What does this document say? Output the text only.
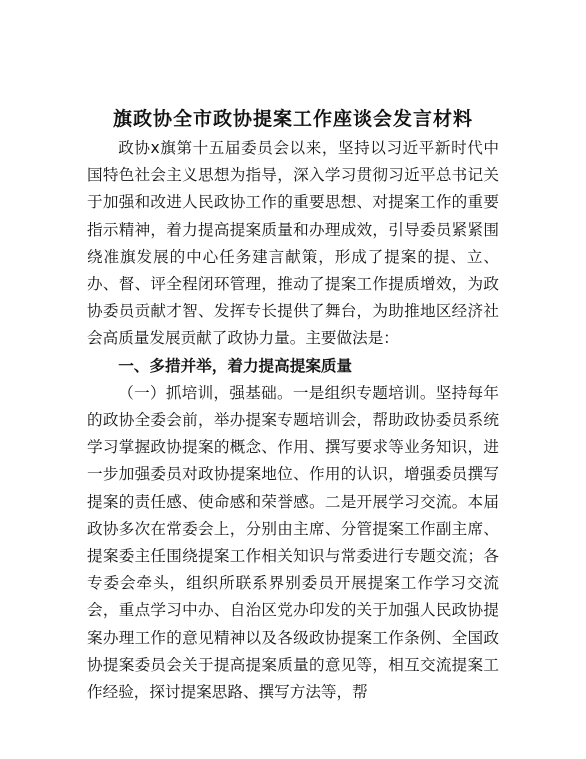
旗政协全市政协提案工作座谈会发言材料

政协x旗第十五届委员会以来，坚持以习近平新时代中国特色社会主义思想为指导，深入学习贯彻习近平总书记关于加强和改进人民政协工作的重要思想、对提案工作的重要指示精神，着力提高提案质量和办理成效，引导委员紧紧围绕准旗发展的中心任务建言献策，形成了提案的提、立、办、督、评全程闭环管理，推动了提案工作提质增效，为政协委员贡献才智、发挥专长提供了舞台，为助推地区经济社会高质量发展贡献了政协力量。主要做法是：

一、多措并举，着力提高提案质量

（一）抓培训，强基础。一是组织专题培训。坚持每年的政协全委会前，举办提案专题培训会，帮助政协委员系统学习掌握政协提案的概念、作用、撰写要求等业务知识，进一步加强委员对政协提案地位、作用的认识，增强委员撰写提案的责任感、使命感和荣誉感。二是开展学习交流。本届政协多次在常委会上，分别由主席、分管提案工作副主席、提案委主任围绕提案工作相关知识与常委进行专题交流；各专委会牵头，组织所联系界别委员开展提案工作学习交流会，重点学习中办、自治区党办印发的关于加强人民政协提案办理工作的意见精神以及各级政协提案工作条例、全国政协提案委员会关于提高提案质量的意见等，相互交流提案工作经验，探讨提案思路、撰写方法等，帮
